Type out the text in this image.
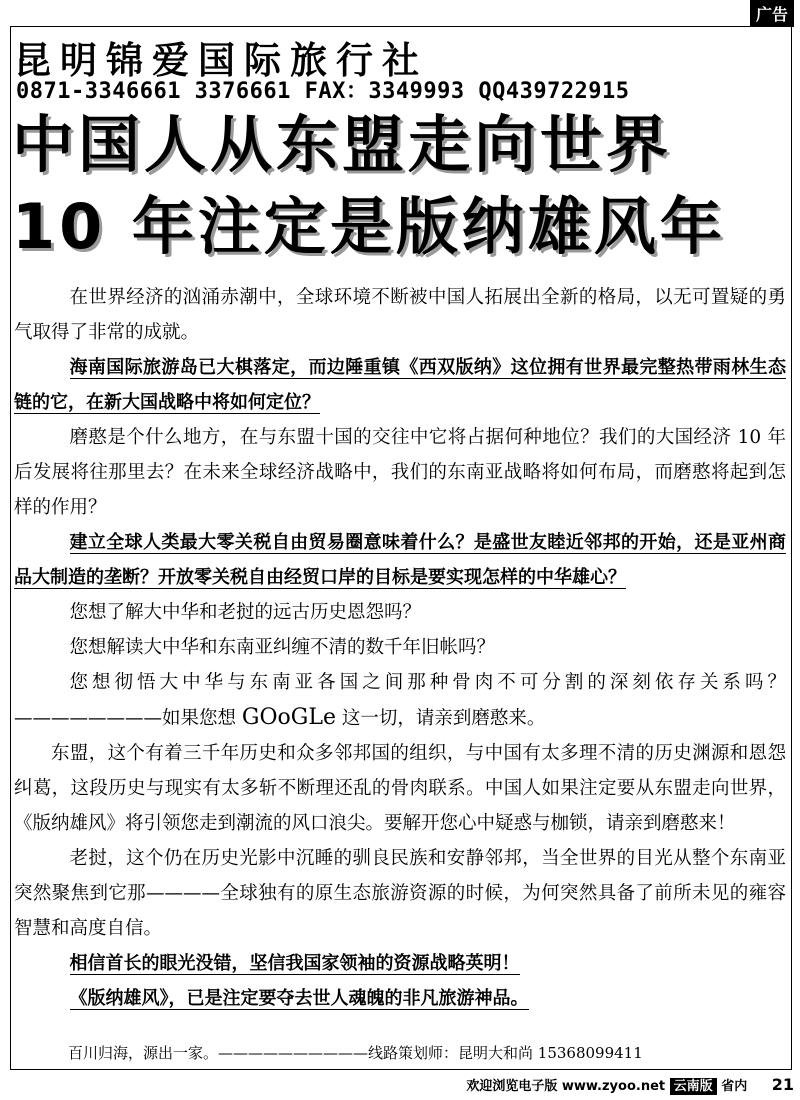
广告
昆明锦爱国际旅行社
0871-3346661 3376661 FAX：3349993 QQ439722915
中国人从东盟走向世界
10 年注定是版纳雄风年

在世界经济的汹涌赤潮中，全球环境不断被中国人拓展出全新的格局，以无可置疑的勇气取得了非常的成就。

海南国际旅游岛已大棋落定，而边陲重镇《西双版纳》这位拥有世界最完整热带雨林生态链的它，在新大国战略中将如何定位？

磨憨是个什么地方，在与东盟十国的交往中它将占据何种地位？我们的大国经济 10 年后发展将往那里去？在未来全球经济战略中，我们的东南亚战略将如何布局，而磨憨将起到怎样的作用？

建立全球人类最大零关税自由贸易圈意味着什么？是盛世友睦近邻邦的开始，还是亚州商品大制造的垄断？开放零关税自由经贸口岸的目标是要实现怎样的中华雄心？

您想了解大中华和老挝的远古历史恩怨吗？

您想解读大中华和东南亚纠缠不清的数千年旧帐吗？

您想彻悟大中华与东南亚各国之间那种骨肉不可分割的深刻依存关系吗？————————如果您想 GOoGLe 这一切，请亲到磨憨来。

东盟，这个有着三千年历史和众多邻邦国的组织，与中国有太多理不清的历史渊源和恩怨纠葛，这段历史与现实有太多斩不断理还乱的骨肉联系。中国人如果注定要从东盟走向世界，《版纳雄风》将引领您走到潮流的风口浪尖。要解开您心中疑惑与枷锁，请亲到磨憨来！

老挝，这个仍在历史光影中沉睡的驯良民族和安静邻邦，当全世界的目光从整个东南亚突然聚焦到它那————全球独有的原生态旅游资源的时候，为何突然具备了前所未见的雍容智慧和高度自信。

相信首长的眼光没错，坚信我国家领袖的资源战略英明！

《版纳雄风》，已是注定要夺去世人魂魄的非凡旅游神品。

百川归海，源出一家。——————————线路策划师：昆明大和尚 15368099411
欢迎浏览电子版 www.zyoo.net 云南版 省内 21
